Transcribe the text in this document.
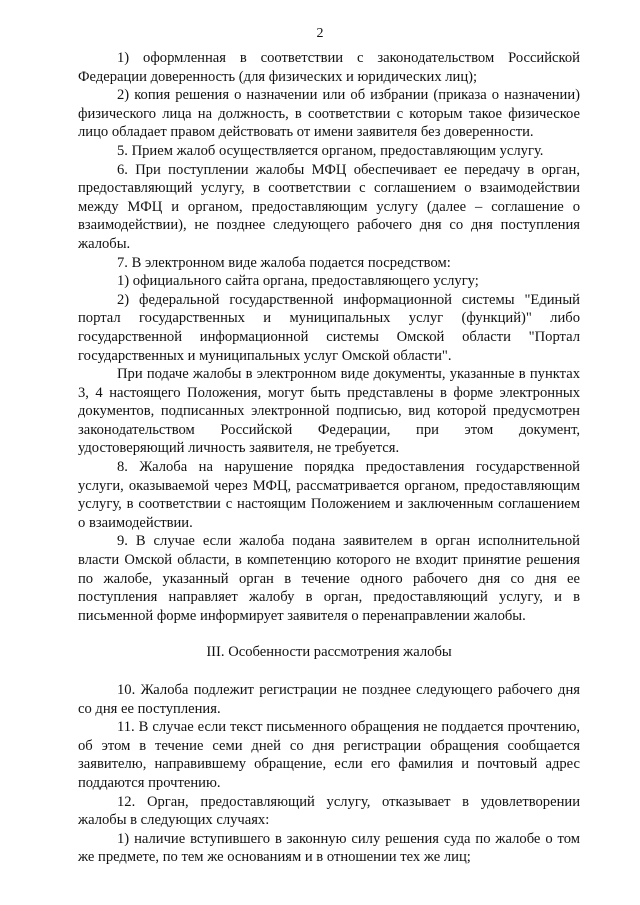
2

1) оформленная в соответствии с законодательством Российской Федерации доверенность (для физических и юридических лиц);

2) копия решения о назначении или об избрании (приказа о назначении) физического лица на должность, в соответствии с которым такое физическое лицо обладает правом действовать от имени заявителя без доверенности.

5. Прием жалоб осуществляется органом, предоставляющим услугу.

6. При поступлении жалобы МФЦ обеспечивает ее передачу в орган, предоставляющий услугу, в соответствии с соглашением о взаимодействии между МФЦ и органом, предоставляющим услугу (далее – соглашение о взаимодействии), не позднее следующего рабочего дня со дня поступления жалобы.

7. В электронном виде жалоба подается посредством:

1) официального сайта органа, предоставляющего услугу;

2) федеральной государственной информационной системы "Единый портал государственных и муниципальных услуг (функций)" либо государственной информационной системы Омской области "Портал государственных и муниципальных услуг Омской области".

При подаче жалобы в электронном виде документы, указанные в пунктах 3, 4 настоящего Положения, могут быть представлены в форме электронных документов, подписанных электронной подписью, вид которой предусмотрен законодательством Российской Федерации, при этом документ, удостоверяющий личность заявителя, не требуется.

8. Жалоба на нарушение порядка предоставления государственной услуги, оказываемой через МФЦ, рассматривается органом, предоставляющим услугу, в соответствии с настоящим Положением и заключенным соглашением о взаимодействии.

9. В случае если жалоба подана заявителем в орган исполнительной власти Омской области, в компетенцию которого не входит принятие решения по жалобе, указанный орган в течение одного рабочего дня со дня ее поступления направляет жалобу в орган, предоставляющий услугу, и в письменной форме информирует заявителя о перенаправлении жалобы.

III. Особенности рассмотрения жалобы

10. Жалоба подлежит регистрации не позднее следующего рабочего дня со дня ее поступления.

11. В случае если текст письменного обращения не поддается прочтению, об этом в течение семи дней со дня регистрации обращения сообщается заявителю, направившему обращение, если его фамилия и почтовый адрес поддаются прочтению.

12. Орган, предоставляющий услугу, отказывает в удовлетворении жалобы в следующих случаях:

1) наличие вступившего в законную силу решения суда по жалобе о том же предмете, по тем же основаниям и в отношении тех же лиц;
